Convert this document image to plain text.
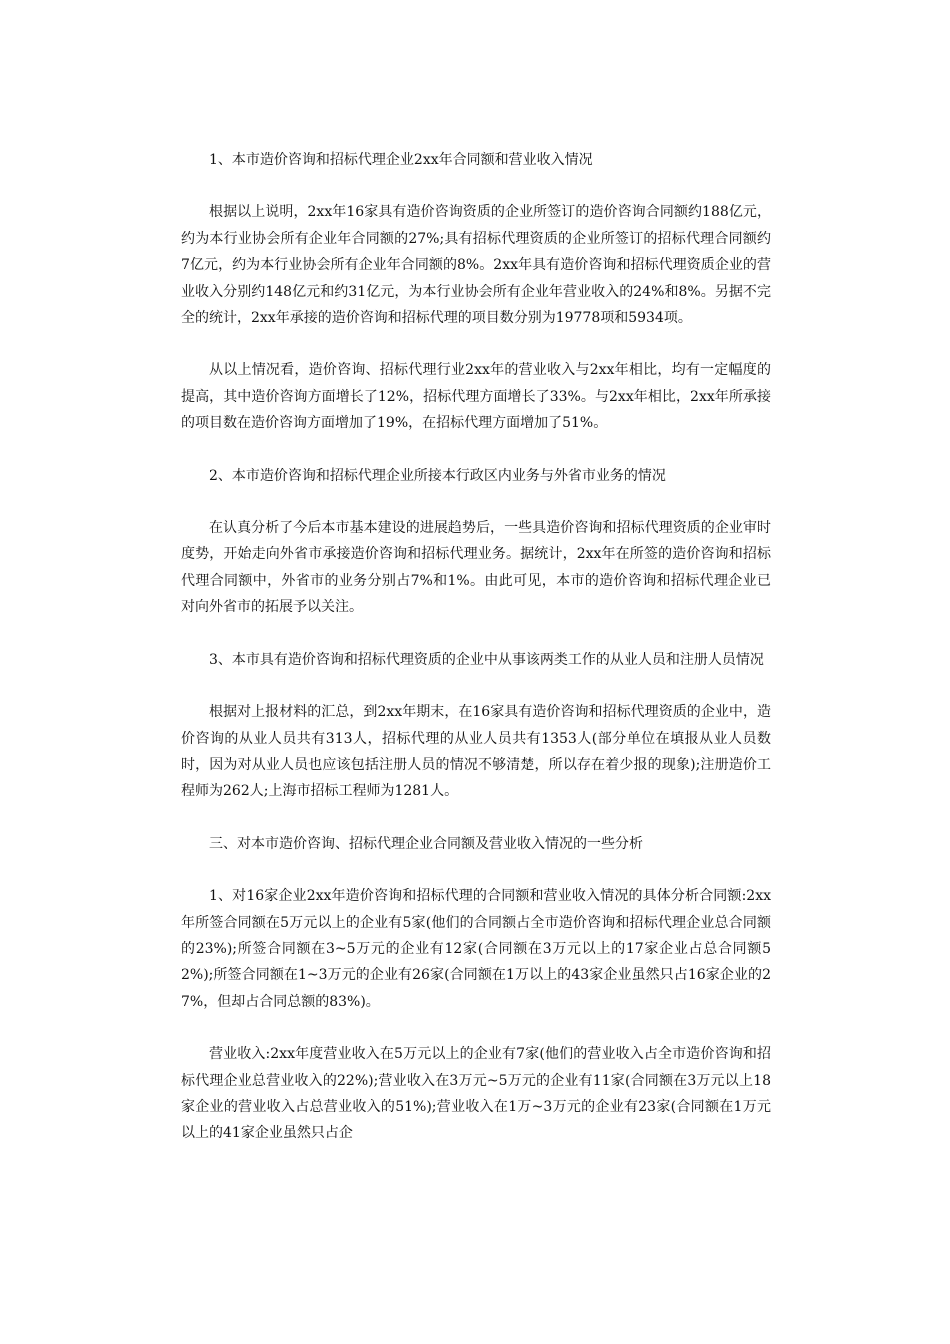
1、本市造价咨询和招标代理企业2xx年合同额和营业收入情况
根据以上说明，2xx年16家具有造价咨询资质的企业所签订的造价咨询合同额约188亿元，约为本行业协会所有企业年合同额的27%;具有招标代理资质的企业所签订的招标代理合同额约7亿元，约为本行业协会所有企业年合同额的8%。2xx年具有造价咨询和招标代理资质企业的营业收入分别约148亿元和约31亿元，为本行业协会所有企业年营业收入的24%和8%。另据不完全的统计，2xx年承接的造价咨询和招标代理的项目数分别为19778项和5934项。
从以上情况看，造价咨询、招标代理行业2xx年的营业收入与2xx年相比，均有一定幅度的提高，其中造价咨询方面增长了12%，招标代理方面增长了33%。与2xx年相比，2xx年所承接的项目数在造价咨询方面增加了19%，在招标代理方面增加了51%。
2、本市造价咨询和招标代理企业所接本行政区内业务与外省市业务的情况
在认真分析了今后本市基本建设的进展趋势后，一些具造价咨询和招标代理资质的企业审时度势，开始走向外省市承接造价咨询和招标代理业务。据统计，2xx年在所签的造价咨询和招标代理合同额中，外省市的业务分别占7%和1%。由此可见，本市的造价咨询和招标代理企业已对向外省市的拓展予以关注。
3、本市具有造价咨询和招标代理资质的企业中从事该两类工作的从业人员和注册人员情况
根据对上报材料的汇总，到2xx年期末，在16家具有造价咨询和招标代理资质的企业中，造价咨询的从业人员共有313人，招标代理的从业人员共有1353人(部分单位在填报从业人员数时，因为对从业人员也应该包括注册人员的情况不够清楚，所以存在着少报的现象);注册造价工程师为262人;上海市招标工程师为1281人。
三、对本市造价咨询、招标代理企业合同额及营业收入情况的一些分析
1、对16家企业2xx年造价咨询和招标代理的合同额和营业收入情况的具体分析合同额:2xx年所签合同额在5万元以上的企业有5家(他们的合同额占全市造价咨询和招标代理企业总合同额的23%);所签合同额在3~5万元的企业有12家(合同额在3万元以上的17家企业占总合同额52%);所签合同额在1~3万元的企业有26家(合同额在1万以上的43家企业虽然只占16家企业的27%，但却占合同总额的83%)。
营业收入:2xx年度营业收入在5万元以上的企业有7家(他们的营业收入占全市造价咨询和招标代理企业总营业收入的22%);营业收入在3万元~5万元的企业有11家(合同额在3万元以上18家企业的营业收入占总营业收入的51%);营业收入在1万~3万元的企业有23家(合同额在1万元以上的41家企业虽然只占企
